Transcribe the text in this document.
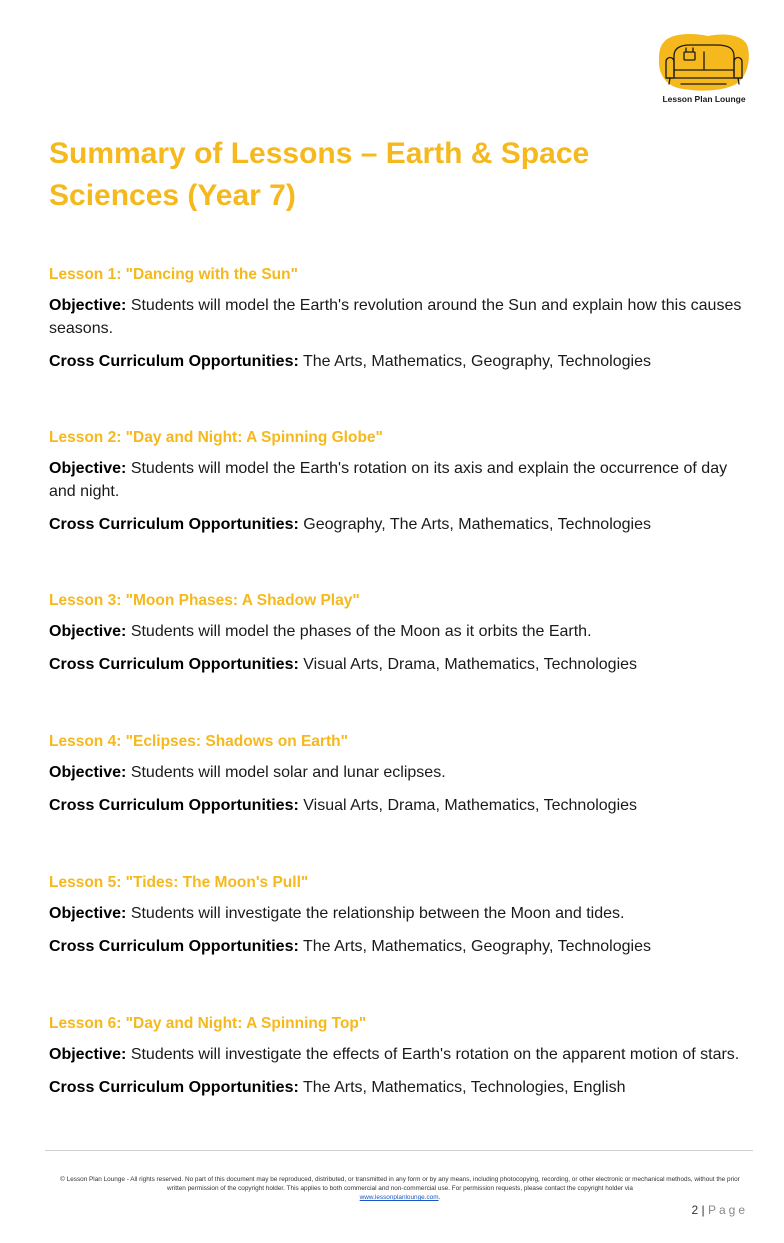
Lesson Plan Lounge
Summary of Lessons – Earth & Space Sciences (Year 7)

Lesson 1: "Dancing with the Sun"

Objective: Students will model the Earth's revolution around the Sun and explain how this causes seasons.

Cross Curriculum Opportunities: The Arts, Mathematics, Geography, Technologies

Lesson 2: "Day and Night: A Spinning Globe"

Objective: Students will model the Earth's rotation on its axis and explain the occurrence of day and night.

Cross Curriculum Opportunities: Geography, The Arts, Mathematics, Technologies

Lesson 3: "Moon Phases: A Shadow Play"

Objective: Students will model the phases of the Moon as it orbits the Earth.

Cross Curriculum Opportunities: Visual Arts, Drama, Mathematics, Technologies

Lesson 4: "Eclipses: Shadows on Earth"

Objective: Students will model solar and lunar eclipses.

Cross Curriculum Opportunities: Visual Arts, Drama, Mathematics, Technologies

Lesson 5: "Tides: The Moon's Pull"

Objective: Students will investigate the relationship between the Moon and tides.

Cross Curriculum Opportunities: The Arts, Mathematics, Geography, Technologies

Lesson 6: "Day and Night: A Spinning Top"

Objective: Students will investigate the effects of Earth's rotation on the apparent motion of stars.

Cross Curriculum Opportunities: The Arts, Mathematics, Technologies, English

© Lesson Plan Lounge - All rights reserved. No part of this document may be reproduced, distributed, or transmitted in any form or by any means, including photocopying, recording, or other electronic or mechanical methods, without the prior written permission of the copyright holder. This applies to both commercial and non-commercial use. For permission requests, please contact the copyright holder via
www.lessonplanlounge.com.
2 | Page
